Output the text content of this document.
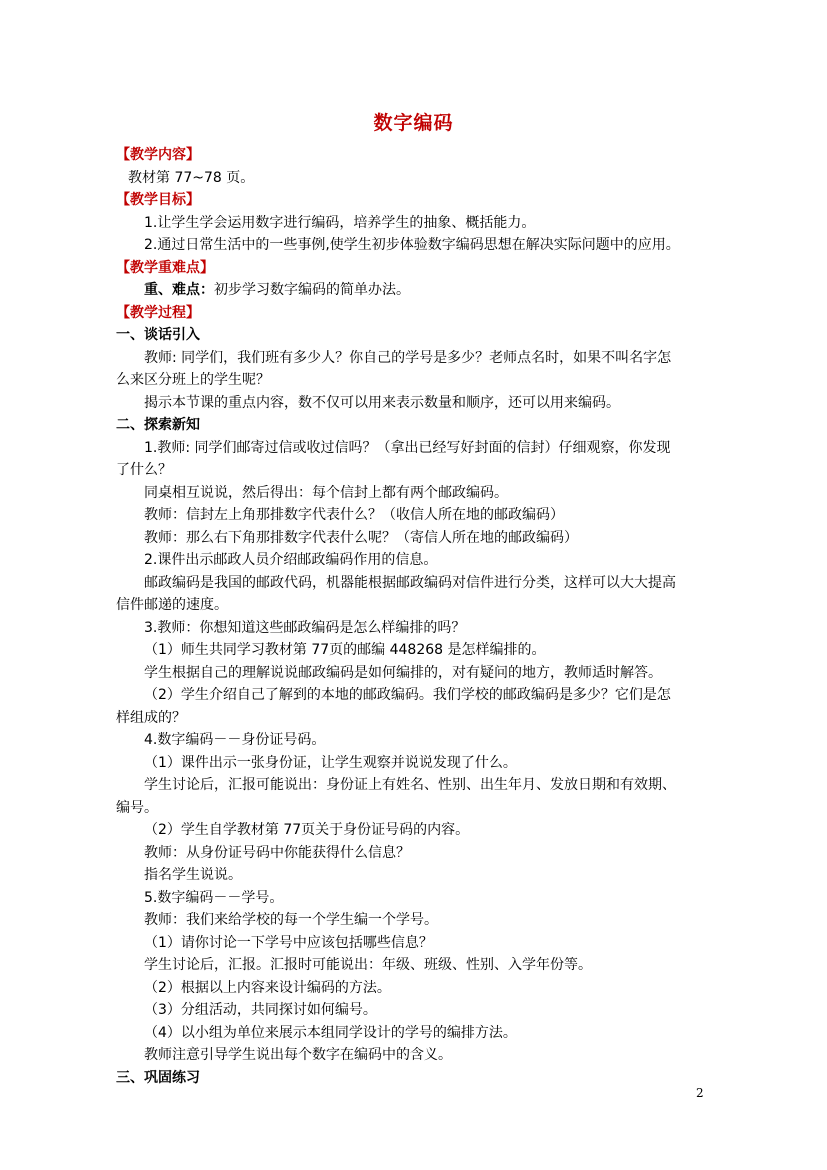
数字编码
【教学内容】
教材第 77~78 页。
【教学目标】
1.让学生学会运用数字进行编码，培养学生的抽象、概括能力。
2.通过日常生活中的一些事例,使学生初步体验数字编码思想在解决实际问题中的应用。
【教学重难点】
重、难点：初步学习数字编码的简单办法。
【教学过程】
一、谈话引入
教师: 同学们，我们班有多少人？你自己的学号是多少？老师点名时，如果不叫名字怎
么来区分班上的学生呢？
揭示本节课的重点内容，数不仅可以用来表示数量和顺序，还可以用来编码。
二、探索新知
1.教师: 同学们邮寄过信或收过信吗？（拿出已经写好封面的信封）仔细观察，你发现
了什么？
同桌相互说说，然后得出：每个信封上都有两个邮政编码。
教师：信封左上角那排数字代表什么？（收信人所在地的邮政编码）
教师：那么右下角那排数字代表什么呢？（寄信人所在地的邮政编码）
2.课件出示邮政人员介绍邮政编码作用的信息。
邮政编码是我国的邮政代码，机器能根据邮政编码对信件进行分类，这样可以大大提高
信件邮递的速度。
3.教师：你想知道这些邮政编码是怎么样编排的吗？
（1）师生共同学习教材第 77页的邮编 448268 是怎样编排的。
学生根据自己的理解说说邮政编码是如何编排的，对有疑问的地方，教师适时解答。
（2）学生介绍自己了解到的本地的邮政编码。我们学校的邮政编码是多少？它们是怎
样组成的？
4.数字编码－－身份证号码。
（1）课件出示一张身份证，让学生观察并说说发现了什么。
学生讨论后，汇报可能说出：身份证上有姓名、性别、出生年月、发放日期和有效期、
编号。
（2）学生自学教材第 77页关于身份证号码的内容。
教师：从身份证号码中你能获得什么信息？
指名学生说说。
5.数字编码－－学号。
教师：我们来给学校的每一个学生编一个学号。
（1）请你讨论一下学号中应该包括哪些信息？
学生讨论后，汇报。汇报时可能说出：年级、班级、性别、入学年份等。
（2）根据以上内容来设计编码的方法。
（3）分组活动，共同探讨如何编号。
（4）以小组为单位来展示本组同学设计的学号的编排方法。
教师注意引导学生说出每个数字在编码中的含义。
三、巩固练习
2
